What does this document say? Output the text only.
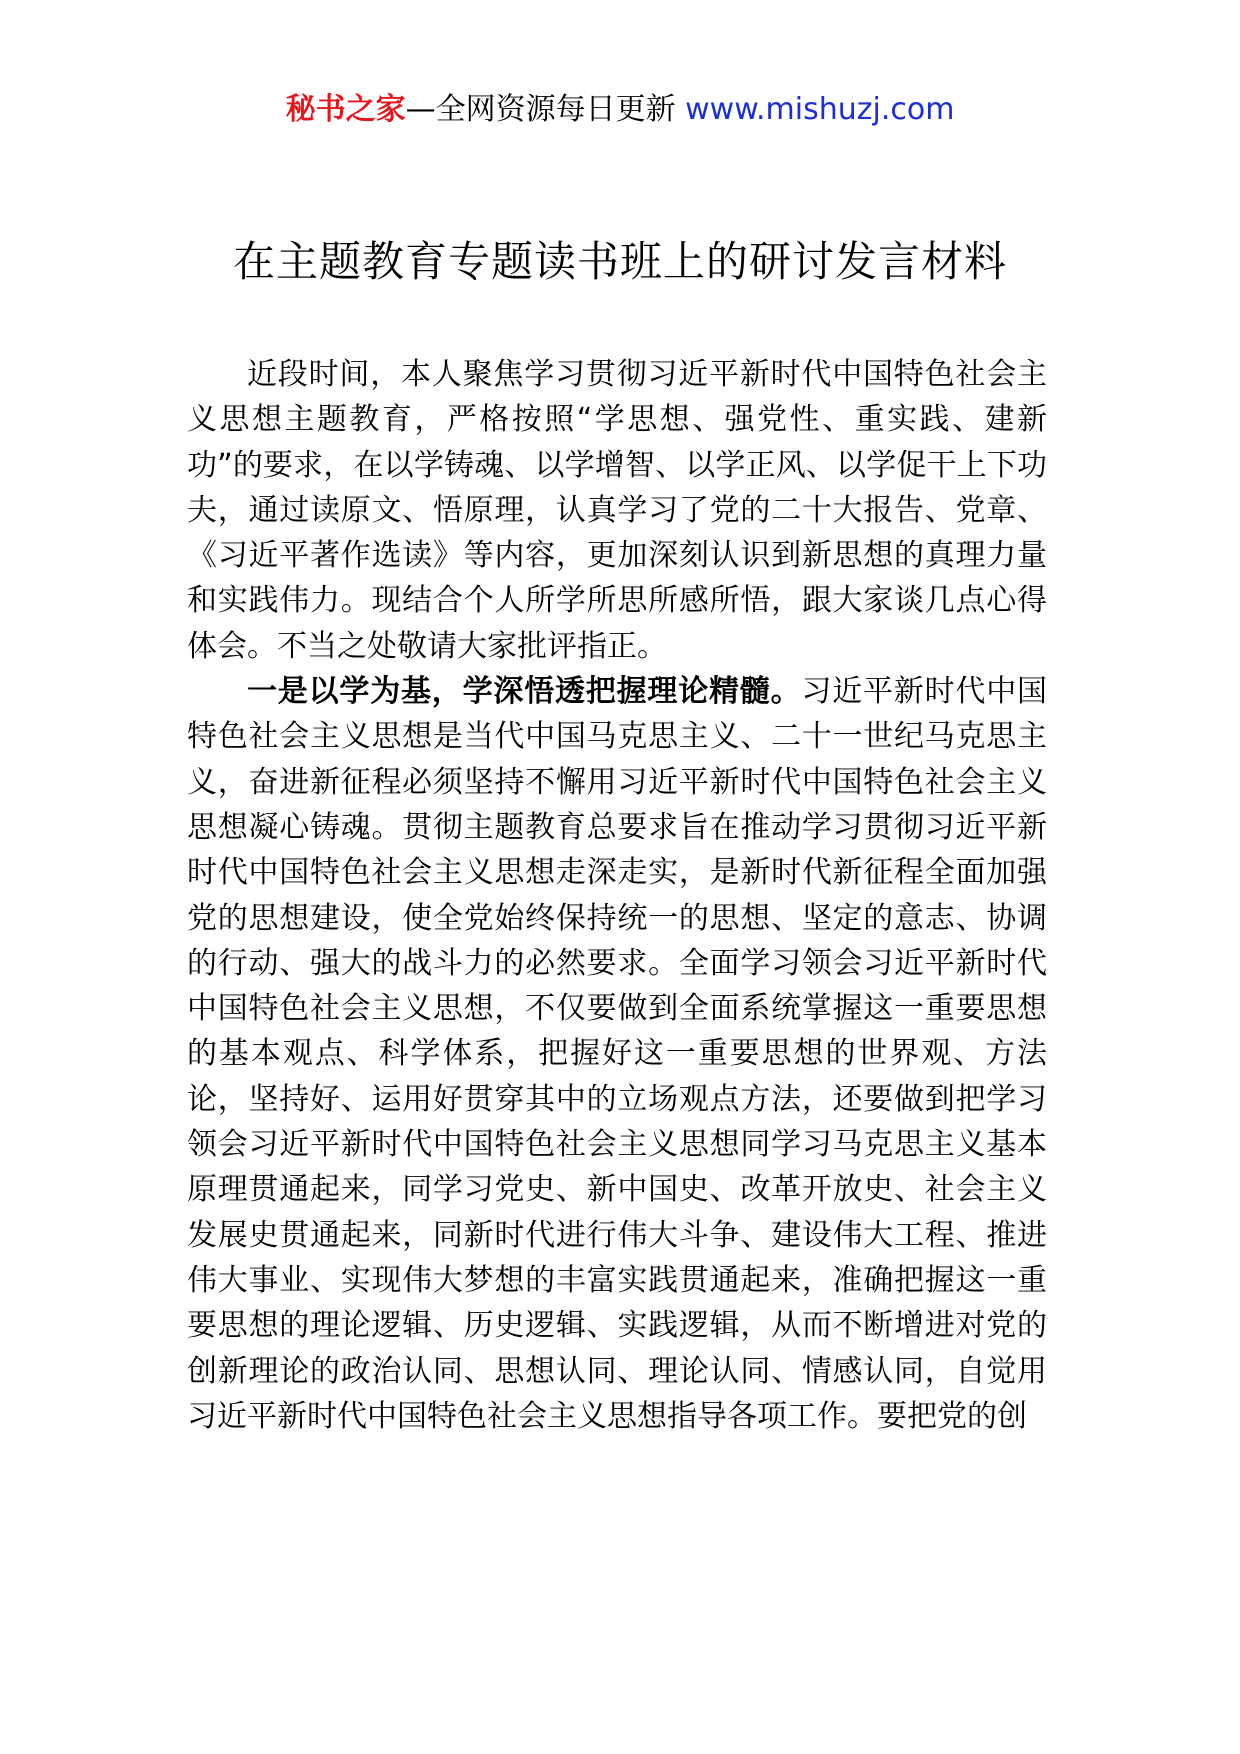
秘书之家—全网资源每日更新 www.mishuzj.com
在主题教育专题读书班上的研讨发言材料

近段时间，本人聚焦学习贯彻习近平新时代中国特色社会主义思想主题教育，严格按照“学思想、强党性、重实践、建新功”的要求，在以学铸魂、以学增智、以学正风、以学促干上下功夫，通过读原文、悟原理，认真学习了党的二十大报告、党章、《习近平著作选读》等内容，更加深刻认识到新思想的真理力量和实践伟力。现结合个人所学所思所感所悟，跟大家谈几点心得体会。不当之处敬请大家批评指正。

一是以学为基，学深悟透把握理论精髓。习近平新时代中国特色社会主义思想是当代中国马克思主义、二十一世纪马克思主义，奋进新征程必须坚持不懈用习近平新时代中国特色社会主义思想凝心铸魂。贯彻主题教育总要求旨在推动学习贯彻习近平新时代中国特色社会主义思想走深走实，是新时代新征程全面加强党的思想建设，使全党始终保持统一的思想、坚定的意志、协调的行动、强大的战斗力的必然要求。全面学习领会习近平新时代中国特色社会主义思想，不仅要做到全面系统掌握这一重要思想的基本观点、科学体系，把握好这一重要思想的世界观、方法论，坚持好、运用好贯穿其中的立场观点方法，还要做到把学习领会习近平新时代中国特色社会主义思想同学习马克思主义基本原理贯通起来，同学习党史、新中国史、改革开放史、社会主义发展史贯通起来，同新时代进行伟大斗争、建设伟大工程、推进伟大事业、实现伟大梦想的丰富实践贯通起来，准确把握这一重要思想的理论逻辑、历史逻辑、实践逻辑，从而不断增进对党的创新理论的政治认同、思想认同、理论认同、情感认同，自觉用习近平新时代中国特色社会主义思想指导各项工作。要把党的创
